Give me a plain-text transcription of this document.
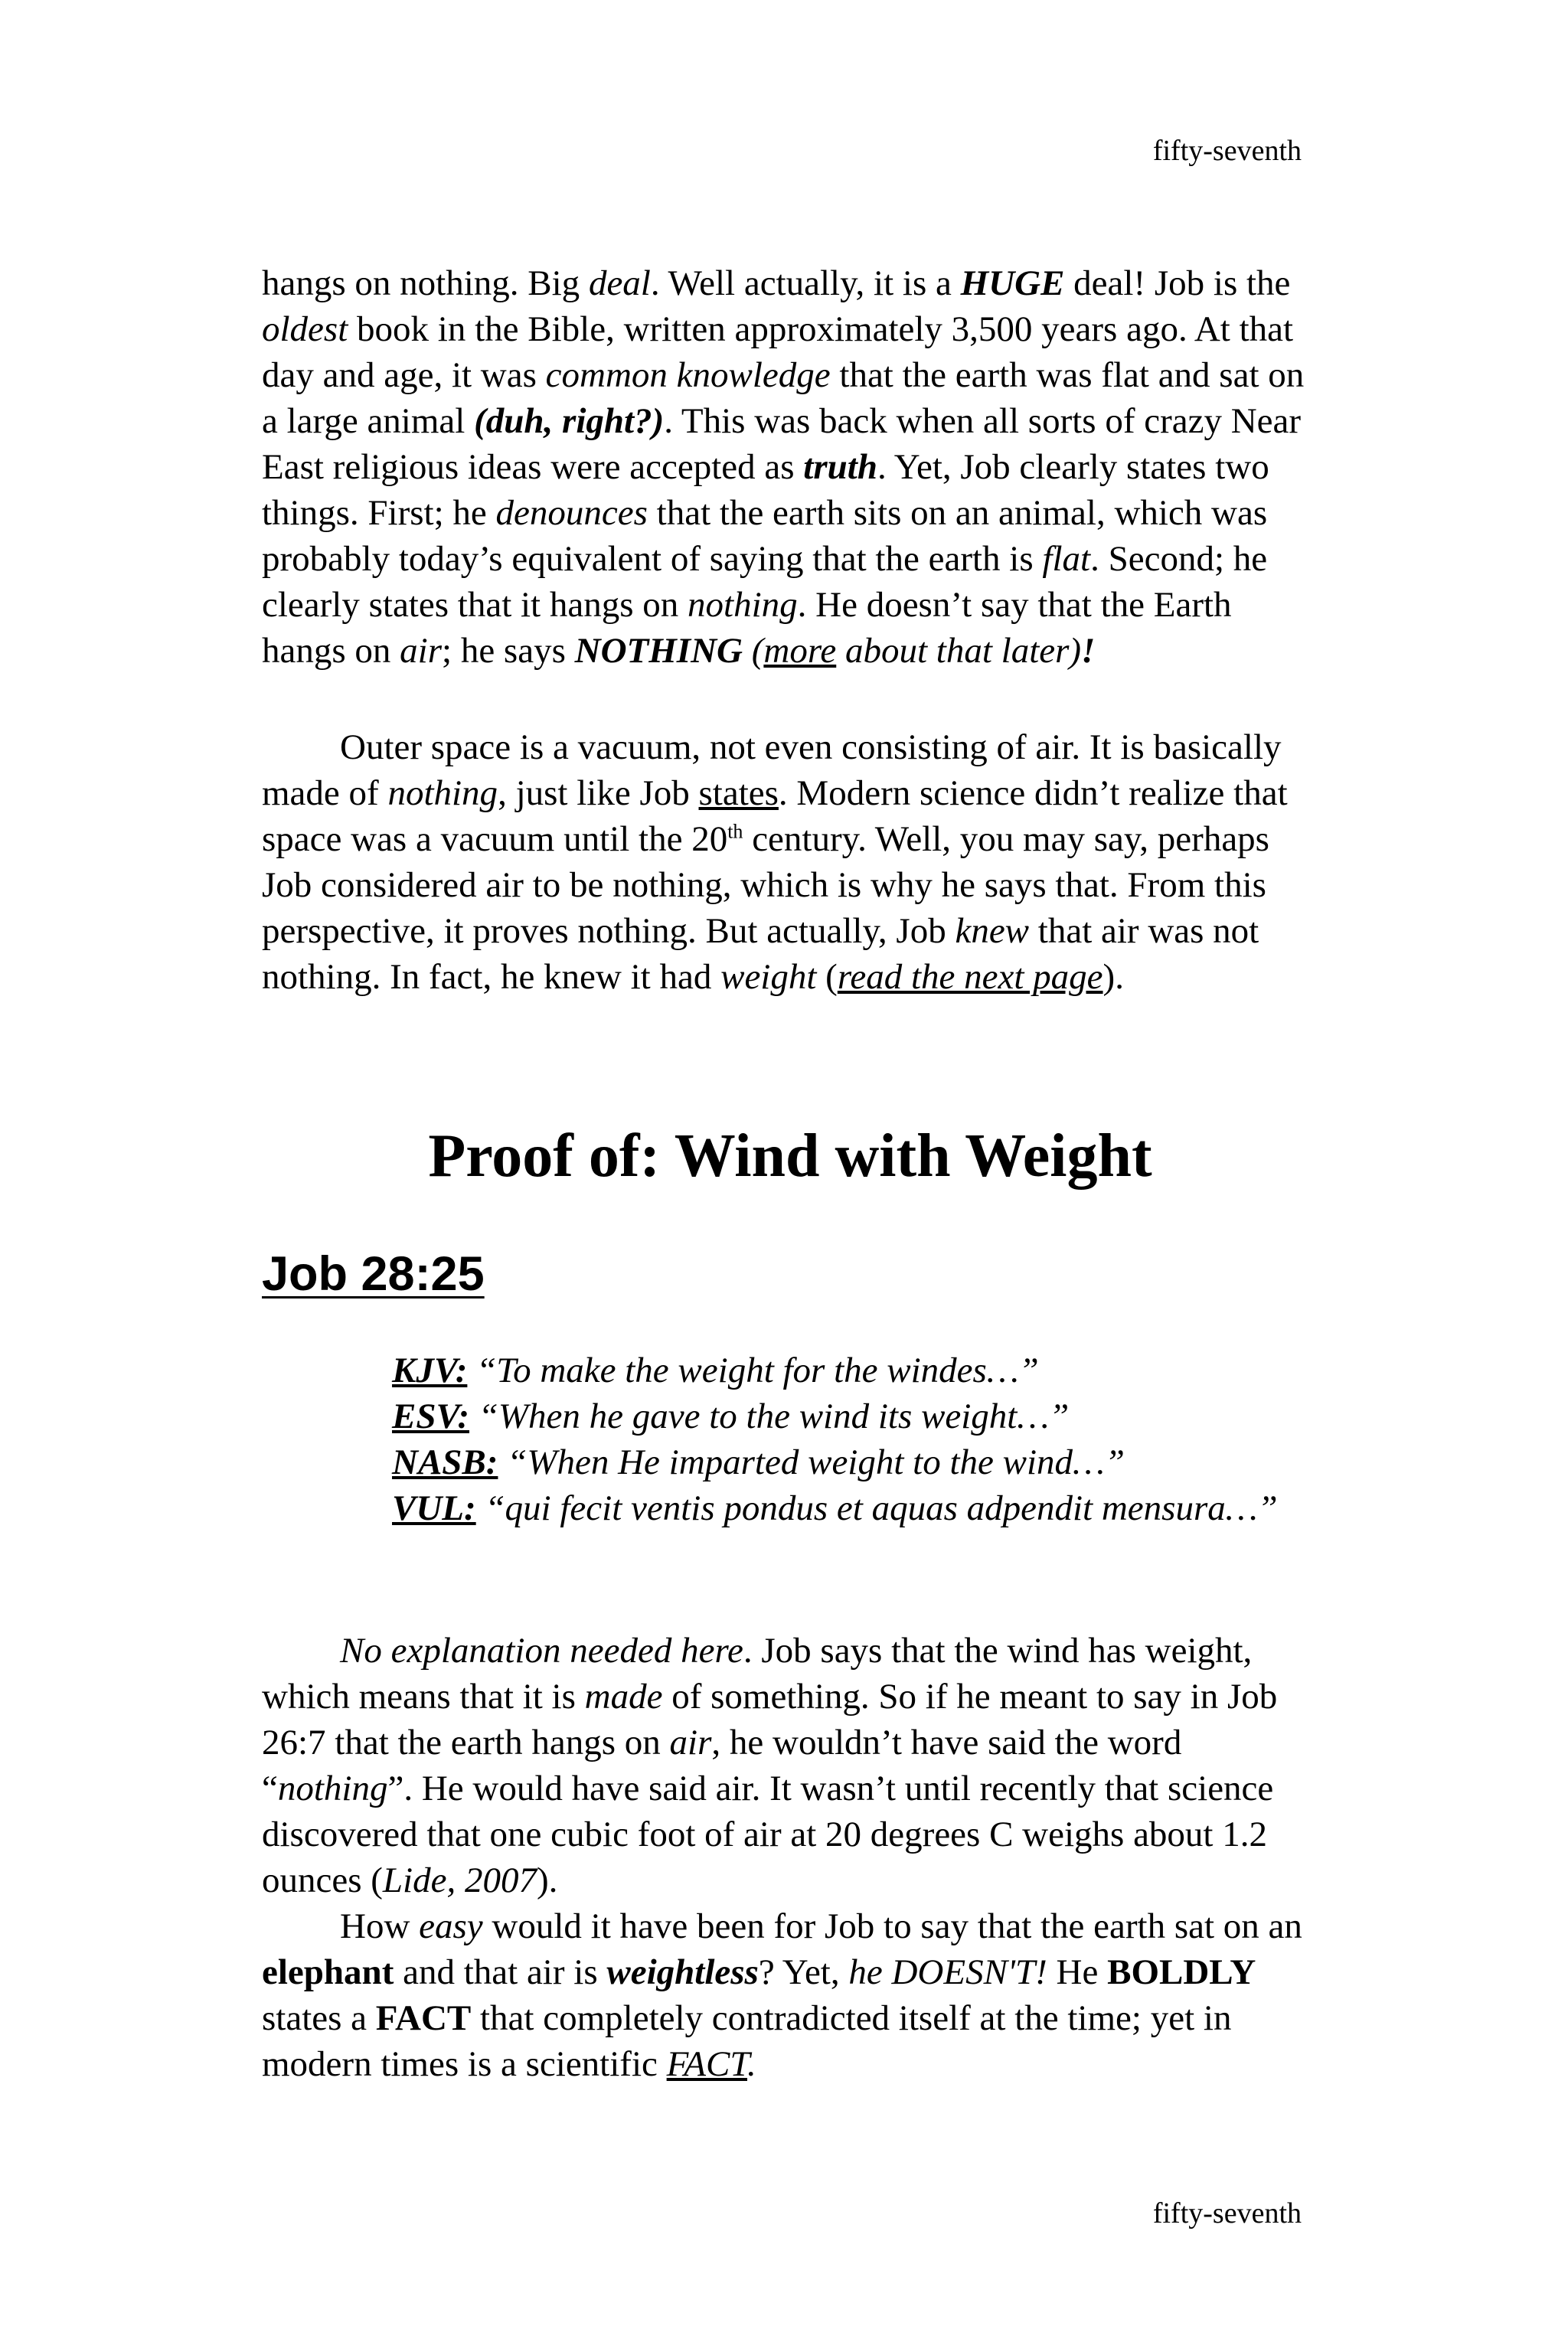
fifty-seventh

hangs on nothing. Big deal. Well actually, it is a HUGE deal! Job is the oldest book in the Bible, written approximately 3,500 years ago. At that day and age, it was common knowledge that the earth was flat and sat on a large animal (duh, right?). This was back when all sorts of crazy Near East religious ideas were accepted as truth. Yet, Job clearly states two things. First; he denounces that the earth sits on an animal, which was probably today’s equivalent of saying that the earth is flat. Second; he clearly states that it hangs on nothing. He doesn’t say that the Earth hangs on air; he says NOTHING (more about that later)!

Outer space is a vacuum, not even consisting of air. It is basically made of nothing, just like Job states. Modern science didn’t realize that space was a vacuum until the 20th century. Well, you may say, perhaps Job considered air to be nothing, which is why he says that. From this perspective, it proves nothing. But actually, Job knew that air was not nothing. In fact, he knew it had weight (read the next page).

Proof of: Wind with Weight
Job 28:25

KJV: “To make the weight for the windes…”

ESV: “When he gave to the wind its weight…”

NASB: “When He imparted weight to the wind…”

VUL: “qui fecit ventis pondus et aquas adpendit mensura…”

No explanation needed here. Job says that the wind has weight, which means that it is made of something. So if he meant to say in Job 26:7 that the earth hangs on air, he wouldn’t have said the word “nothing”. He would have said air. It wasn’t until recently that science discovered that one cubic foot of air at 20 degrees C weighs about 1.2 ounces (Lide, 2007).

How easy would it have been for Job to say that the earth sat on an elephant and that air is weightless? Yet, he DOESN'T! He BOLDLY states a FACT that completely contradicted itself at the time; yet in modern times is a scientific FACT.

fifty-seventh
